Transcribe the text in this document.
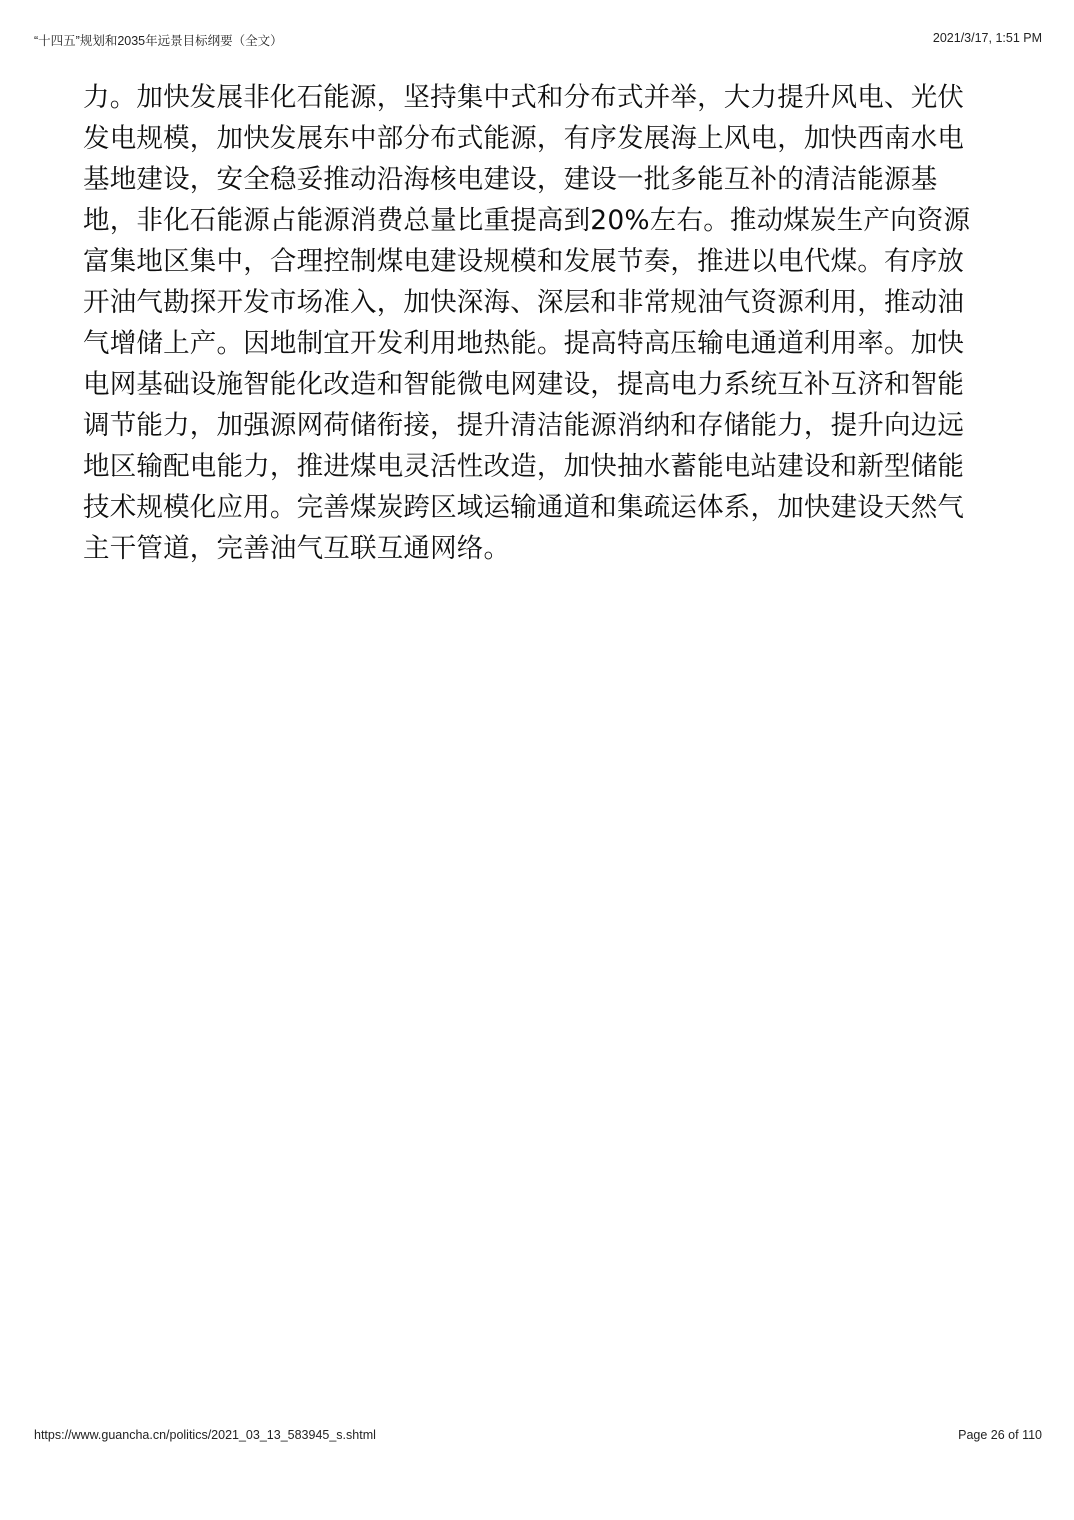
“十四五”规划和2035年远景目标纲要（全文）	2021/3/17, 1:51 PM
力。加快发展非化石能源，坚持集中式和分布式并举，大力提升风电、光伏
发电规模，加快发展东中部分布式能源，有序发展海上风电，加快西南水电
基地建设，安全稳妥推动沿海核电建设，建设一批多能互补的清洁能源基
地，非化石能源占能源消费总量比重提高到20%左右。推动煤炭生产向资源
富集地区集中，合理控制煤电建设规模和发展节奏，推进以电代煤。有序放
开油气勘探开发市场准入，加快深海、深层和非常规油气资源利用，推动油
气增储上产。因地制宜开发利用地热能。提高特高压输电通道利用率。加快
电网基础设施智能化改造和智能微电网建设，提高电力系统互补互济和智能
调节能力，加强源网荷储衔接，提升清洁能源消纳和存储能力，提升向边远
地区输配电能力，推进煤电灵活性改造，加快抽水蓄能电站建设和新型储能
技术规模化应用。完善煤炭跨区域运输通道和集疏运体系，加快建设天然气
主干管道，完善油气互联互通网络。
https://www.guancha.cn/politics/2021_03_13_583945_s.shtml	Page 26 of 110
